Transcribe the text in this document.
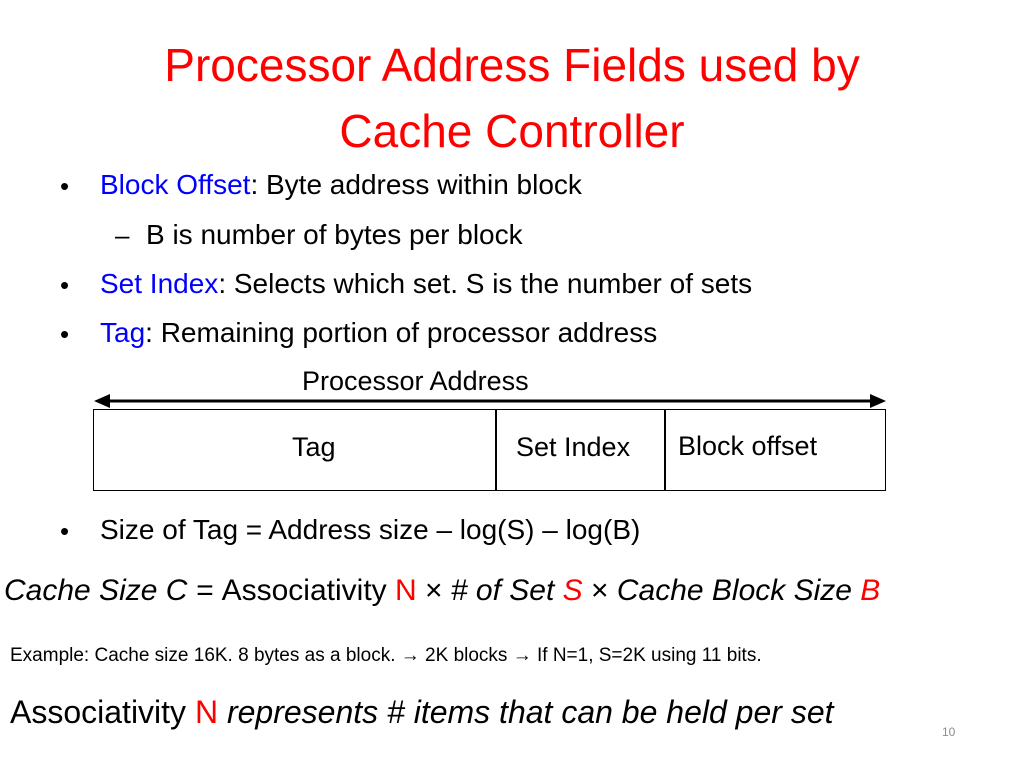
Processor Address Fields used by
Cache Controller
• Block Offset: Byte address within block
– B is number of bytes per block
• Set Index: Selects which set. S is the number of sets
• Tag: Remaining portion of processor address
Processor Address
Tag	Set Index Block offset
• Size of Tag = Address size – log(S) – log(B)
Cache Size C = Associativity N × # of Set S × Cache Block Size B
Example: Cache size 16K. 8 bytes as a block. → 2K blocks → If N=1, S=2K using 11 bits.
Associativity N represents # items that can be held per set
10
